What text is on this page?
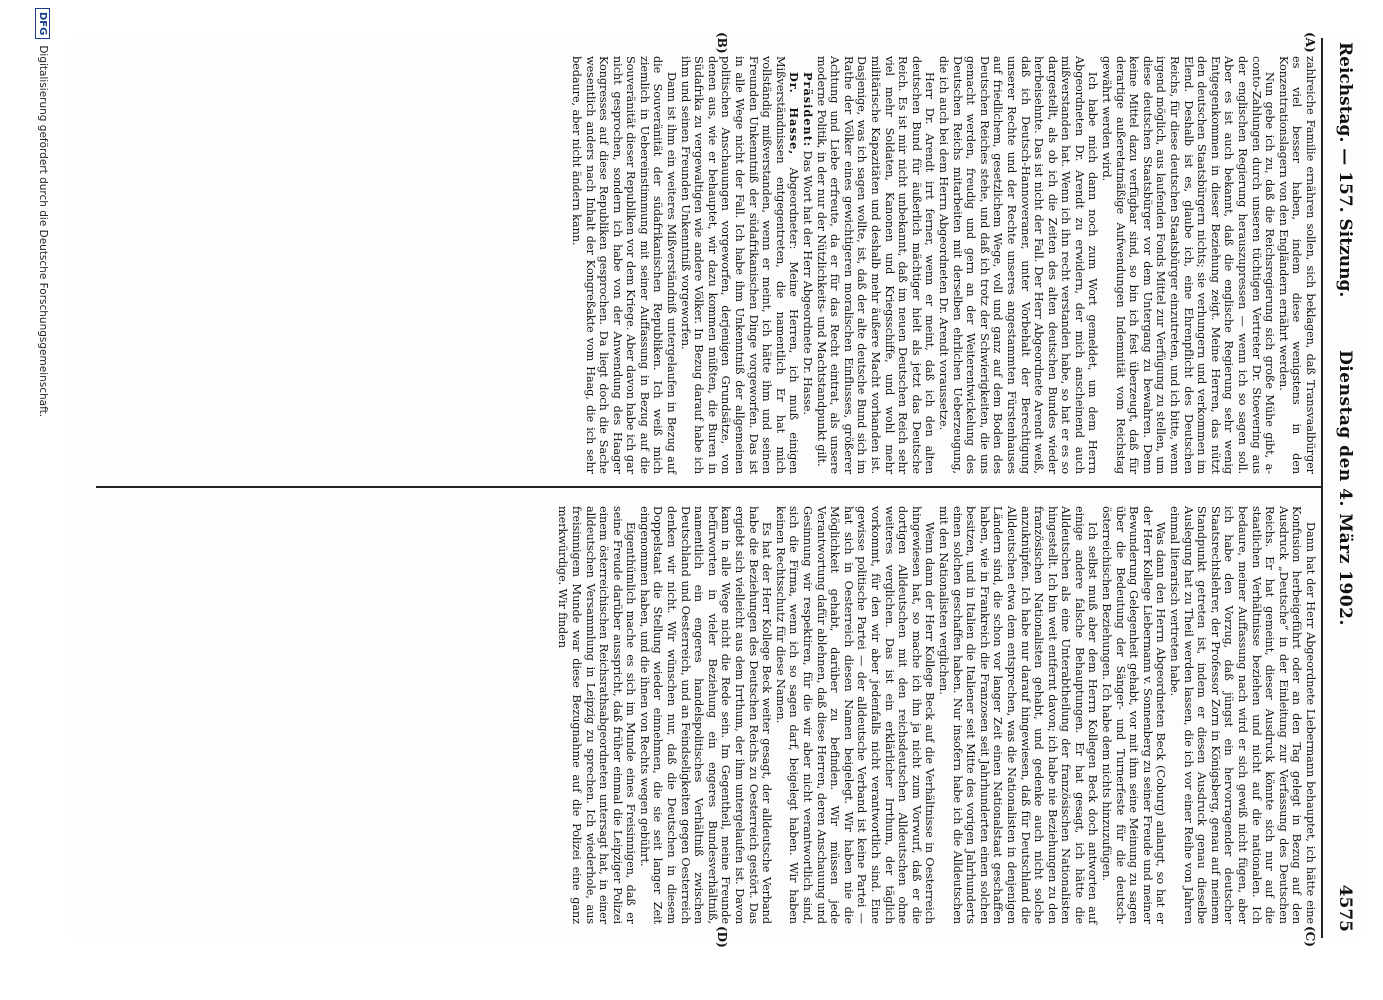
Reichstag. — 157. Sitzung.
Dienstag den 4. März 1902.
4575
(A)
(B)
(C)
(D)

zahlreiche Familie ernähren sollen, sich beklagen, daß Transvaalbürger es viel besser haben, indem diese wenigstens in den Konzentrationslagern von den Engländern ernährt werden.

Nun gebe ich zu, daß die Reichsregierung sich große Mühe gibt, a-conto-Zahlungen durch unseren tüchtigen Vertreter Dr. Stoevering aus der englischen Regierung herauszupressen — wenn ich so sagen soll. Aber es ist auch bekannt, daß die englische Regierung sehr wenig Entgegenkommen in dieser Beziehung zeigt. Meine Herren, das nützt den deutschen Staatsbürgern nichts; sie verhungern und verkommen im Elend. Deshalb ist es, glaube ich, eine Ehrenpflicht des Deutschen Reichs, für diese deutschen Staatsbürger einzutreten, und ich bitte, wenn irgend möglich, aus laufenden Fonds Mittel zur Verfügung zu stellen, um diese deutschen Staatsbürger vor dem Untergang zu bewahren. Denn keine Mittel dazu verfügbar sind, so bin ich fest überzeugt, daß für derartige außeretatmäßige Aufwendungen Indemnität vom Reichstag gewährt werden wird.

Ich habe mich dann noch zum Wort gemeldet, um dem Herrn Abgeordneten Dr. Arendt zu erwidern, der mich anscheinend auch mißverstanden hat. Wenn ich ihn recht verstanden habe, so hat er es so dargestellt, als ob ich die Zeiten des alten deutschen Bundes wieder herbeisehnte. Das ist nicht der Fall. Der Herr Abgeordnete Arendt weiß, daß ich Deutsch-Hannoveraner, unter Vorbehalt der Berechtigung unserer Rechte und der Rechte unseres angestammten Fürstenhauses auf friedlichem, gesetzlichem Wege, voll und ganz auf dem Boden des Deutschen Reiches stehe, und daß ich trotz der Schwierigkeiten, die uns gemacht werden, freudig und gern an der Weiterentwickelung des Deutschen Reichs mitarbeiten mit derselben ehrlichen Ueberzeugung, die ich auch bei dem Herrn Abgeordneten Dr. Arendt voraussetze.

Herr Dr. Arendt irrt ferner, wenn er meint, daß ich den alten deutschen Bund für äußerlich mächtiger hielt als jetzt das Deutsche Reich. Es ist mir nicht unbekannt, daß im neuen Deutschen Reich sehr viel mehr Soldaten, Kanonen und Kriegsschiffe, und wohl mehr militärische Kapazitäten und deshalb mehr äußere Macht vorhanden ist. Dasjenige, was ich sagen wollte, ist, daß der alte deutsche Bund sich im Rathe der Völker eines gewichtigeren moralischen Einflusses, größerer Achtung und Liebe erfreute, da er für das Recht eintrat, als unsere moderne Politik, in der nur der Nützlichkeits- und Machtstandpunkt gilt.

Präsident: Das Wort hat der Herr Abgeordnete Dr. Hasse.

Dr. Hasse, Abgeordneter: Meine Herren, ich muß einigen Mißverständnissen entgegentreten, die namentlich Er hat mich vollständig mißverstanden, wenn er meint, ich hätte ihm und seinen Freunden Unkenntniß der südafrikanischen Dinge vorgeworfen. Das ist in alle Wege nicht der Fall. Ich habe ihm Unkenntniß der allgemeinen politischen Anschauungen vorgeworfen, derjenigen Grundsätze, von denen aus, wie er behauptet, wir dazu kommen müßten, die Buren in Südafrika zu vergewaltigen wie andere Völker. In Bezug darauf habe ich ihm und seinen Freunden Unkenntniß vorgeworfen.

Dann ist ihm ein weiteres Mißverständniß untergelaufen in Bezug auf die Souveränität der südafrikanischen Republiken. Ich weiß mich ziemlich in Uebereinstimmung mit seiner Auffassung in Bezug auf die Souveränität dieser Republiken vor dem Kriege. Aber davon habe ich gar nicht gesprochen, sondern ich habe von der Anwendung des Haager Kongresses auf diese Republiken gesprochen. Da liegt doch die Sache wesentlich anders nach Inhalt der Kongreßakte vom Haag, die ich sehr bedaure, aber nicht ändern kann.

Dann hat der Herr Abgeordnete Liebermann behauptet, ich hätte eine Konfusion herbeigeführt oder an den Tag gelegt in Bezug auf den Ausdruck „Deutsche“ in der Einleitung zur Verfassung des Deutschen Reichs. Er hat gemeint, dieser Ausdruck könnte sich nur auf die staatlichen Verhältnisse beziehen und nicht auf die nationalen. Ich bedaure, meiner Auffassung nach wird er sich gewiß nicht fügen, aber ich habe den Vorzug, daß jüngst ein hervorragender deutscher Staatsrechtslehrer, der Professor Zorn in Königsberg, genau auf meinem Standpunkt getreten ist, indem er diesen Ausdruck genau dieselbe Auslegung hat zu Theil werden lassen, die ich vor einer Reihe von Jahren einmal literarisch vertreten habe.

Was dann den Herrn Abgeordneten Beck (Coburg) anlangt, so hat er der Herr Kollege Liebermann v. Sonnenberg zu seiner Freude und meiner Bewunderung Gelegenheit gehabt, vor mit ihm seine Meinung zu sagen über die Bedeutung der Sänger- und Turnerfeste für die deutsch-österreichischen Beziehungen. Ich habe dem nichts hinzuzufügen.

Ich selbst muß aber dem Herrn Kollegen Beck doch antworten auf einige andere falsche Behauptungen. Er hat gesagt, ich hätte die Alldeutschen als eine Unterabtheilung der französischen Nationalisten hingestellt. Ich bin weit entfernt davon; ich habe nie Beziehungen zu den französischen Nationalisten gehabt, und gedenke auch nicht solche anzuknüpfen. Ich habe nur darauf hingewiesen, daß für Deutschland die Alldeutschen etwa dem entsprechen, was die Nationalisten in denjenigen Ländern sind, die schon vor langer Zeit einen Nationalstaat geschaffen haben, wie in Frankreich die Franzosen seit Jahrhunderten einen solchen besitzen, und in Italien die Italiener seit Mitte des vorigen Jahrhunderts einen solchen geschaffen haben. Nur insofern habe ich die Alldeutschen mit den Nationalisten verglichen.

Wenn dann der Herr Kollege Beck auf die Verhältnisse in Oesterreich hingewiesen hat, so mache ich ihn ja nicht zum Vorwurf, daß er die dortigen Alldeutschen mit den reichsdeutschen Alldeutschen ohne weiteres verglichen. Das ist ein erklärlicher Irrthum, der täglich vorkommt, für den wir aber jedenfalls nicht verantwortlich sind. Eine gewisse politische Partei — der alldeutsche Verband ist keine Partei — hat sich in Oesterreich diesen Namen beigelegt. Wir haben nie die Möglichkeit gehabt, darüber zu befinden. Wir müssen jede Verantwortung dafür ablehnen, daß diese Herren, deren Anschauung und Gesinnung wir respektiren, für die wir aber nicht verantwortlich sind, sich die Firma, wenn ich so sagen darf, beigelegt haben. Wir haben keinen Rechtsschutz für diese Namen.

Es hat der Herr Kollege Beck weiter gesagt, der alldeutsche Verband habe die Beziehungen des Deutschen Reichs zu Oesterreich gestört. Das ergiebt sich vielleicht aus dem Irrthum, der ihm untergelaufen ist. Davon kann in alle Wege nicht die Rede sein. Im Gegentheil, meine Freunde befürworten in vieler Beziehung ein engeres Bundesverhältniß, namentlich ein engeres handelspolitisches Verhältniß zwischen Deutschland und Oesterreich, und an Feindseligkeiten gegen Oesterreich denken wir nicht. Wir wünschen nur, daß die Deutschen in diesem Doppelstaat die Stellung wieder einnehmen, die sie seit langer Zeit eingenommen haben, und die ihnen von Rechts wegen gebührt.

Eigenthümlich mache es sich im Munde eines Freisinnigen, daß er seine Freude darüber ausspricht, daß früher einmal die Leipziger Polizei einem österreichischen Reichsrathsabgeordneten untersagt hat, in einer alldeutschen Versammlung in Leipzig zu sprechen. Ich wiederhole, aus freisinnigem Munde war diese Bezugnahme auf die Polizei eine ganz merkwürdige. Wir finden

DFG
Digitalisierung gefördert durch die Deutsche Forschungsgemeinschaft.
